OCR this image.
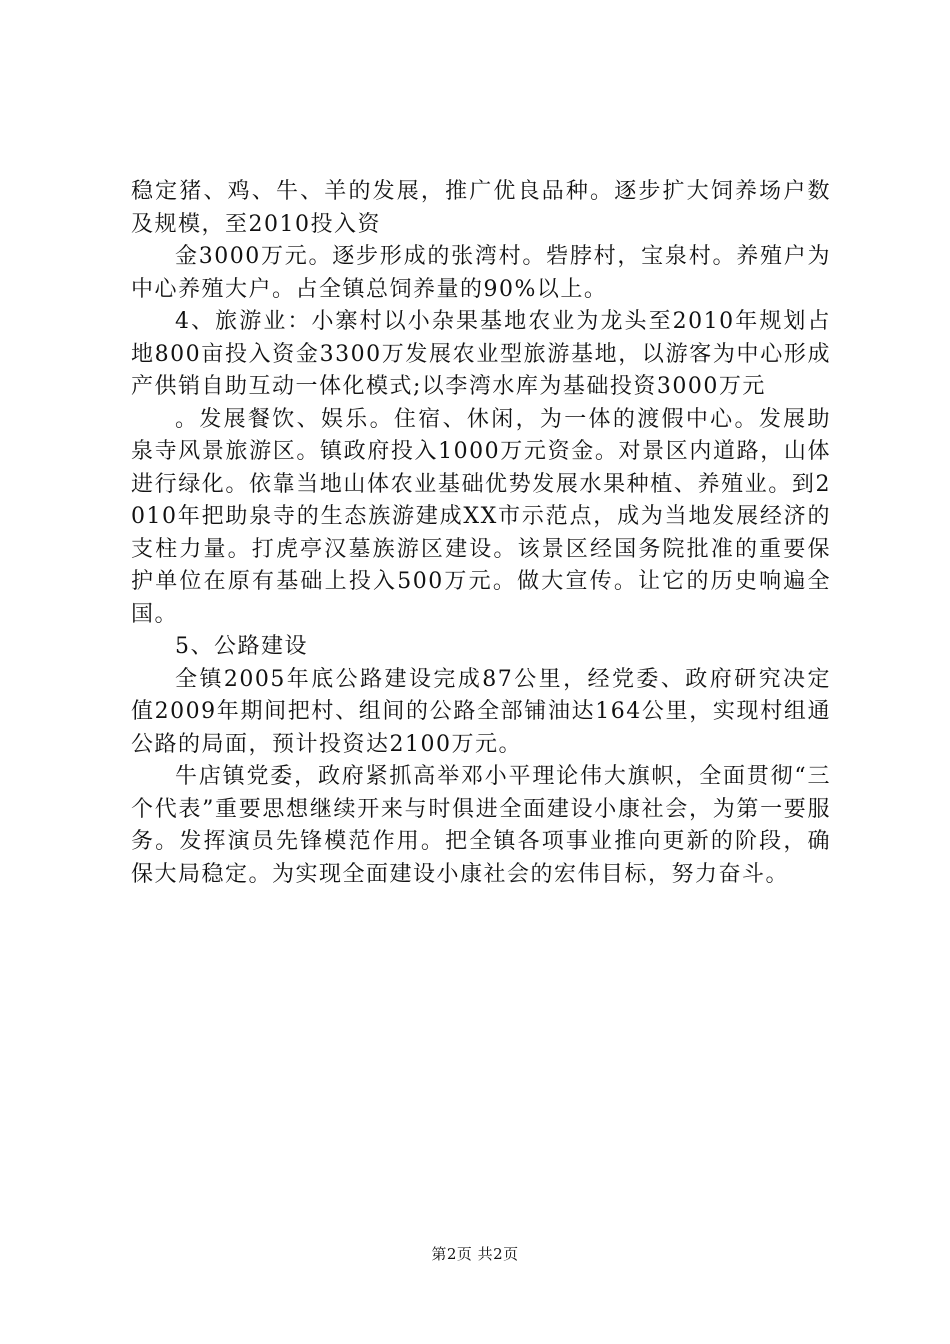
稳定猪、鸡、牛、羊的发展，推广优良品种。逐步扩大饲养场户数及规模，至2010投入资

金3000万元。逐步形成的张湾村。砦脖村，宝泉村。养殖户为中心养殖大户。占全镇总饲养量的90%以上。

4、旅游业：小寨村以小杂果基地农业为龙头至2010年规划占地800亩投入资金3300万发展农业型旅游基地，以游客为中心形成产供销自助互动一体化模式;以李湾水库为基础投资3000万元

。发展餐饮、娱乐。住宿、休闲，为一体的渡假中心。发展助泉寺风景旅游区。镇政府投入1000万元资金。对景区内道路，山体进行绿化。依靠当地山体农业基础优势发展水果种植、养殖业。到2010年把助泉寺的生态族游建成XX市示范点，成为当地发展经济的支柱力量。打虎亭汉墓族游区建设。该景区经国务院批准的重要保护单位在原有基础上投入500万元。做大宣传。让它的历史响遍全国。

5、公路建设

全镇2005年底公路建设完成87公里，经党委、政府研究决定值2009年期间把村、组间的公路全部铺油达164公里，实现村组通公路的局面，预计投资达2100万元。

牛店镇党委，政府紧抓高举邓小平理论伟大旗帜，全面贯彻“三个代表”重要思想继续开来与时俱进全面建设小康社会，为第一要服务。发挥演员先锋模范作用。把全镇各项事业推向更新的阶段，确保大局稳定。为实现全面建设小康社会的宏伟目标，努力奋斗。

第2页 共2页
